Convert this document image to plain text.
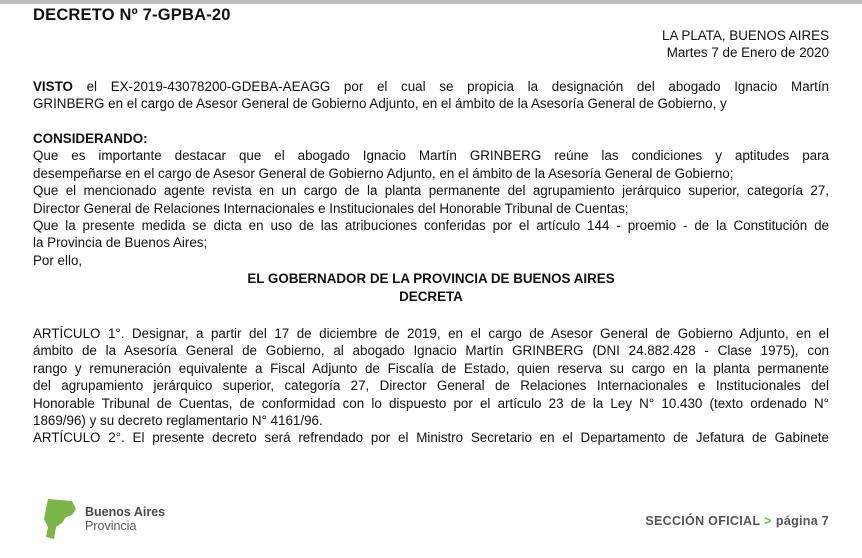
DECRETO Nº 7-GPBA-20
LA PLATA, BUENOS AIRES
Martes 7 de Enero de 2020
VISTO el EX-2019-43078200-GDEBA-AEAGG por el cual se propicia la designación del abogado Ignacio Martín
GRINBERG en el cargo de Asesor General de Gobierno Adjunto, en el ámbito de la Asesoría General de Gobierno, y
CONSIDERANDO:
Que es importante destacar que el abogado Ignacio Martín GRINBERG reúne las condiciones y aptitudes para
desempeñarse en el cargo de Asesor General de Gobierno Adjunto, en el ámbito de la Asesoría General de Gobierno;
Que el mencionado agente revista en un cargo de la planta permanente del agrupamiento jerárquico superior, categoría 27,
Director General de Relaciones Internacionales e Institucionales del Honorable Tribunal de Cuentas;
Que la presente medida se dicta en uso de las atribuciones conferidas por el artículo 144 - proemio - de la Constitución de
la Provincia de Buenos Aires;
Por ello,
EL GOBERNADOR DE LA PROVINCIA DE BUENOS AIRES
DECRETA
ARTÍCULO 1°. Designar, a partir del 17 de diciembre de 2019, en el cargo de Asesor General de Gobierno Adjunto, en el
ámbito de la Asesoría General de Gobierno, al abogado Ignacio Martín GRINBERG (DNI 24.882.428 - Clase 1975), con
rango y remuneración equivalente a Fiscal Adjunto de Fiscalía de Estado, quien reserva su cargo en la planta permanente
del agrupamiento jerárquico superior, categoría 27, Director General de Relaciones Internacionales e Institucionales del
Honorable Tribunal de Cuentas, de conformidad con lo dispuesto por el artículo 23 de la Ley N° 10.430 (texto ordenado N°
1869/96) y su decreto reglamentario N° 4161/96.
ARTÍCULO 2°. El presente decreto será refrendado por el Ministro Secretario en el Departamento de Jefatura de Gabinete
Buenos Aires
Provincia	SECCIÓN OFICIAL > página 7
